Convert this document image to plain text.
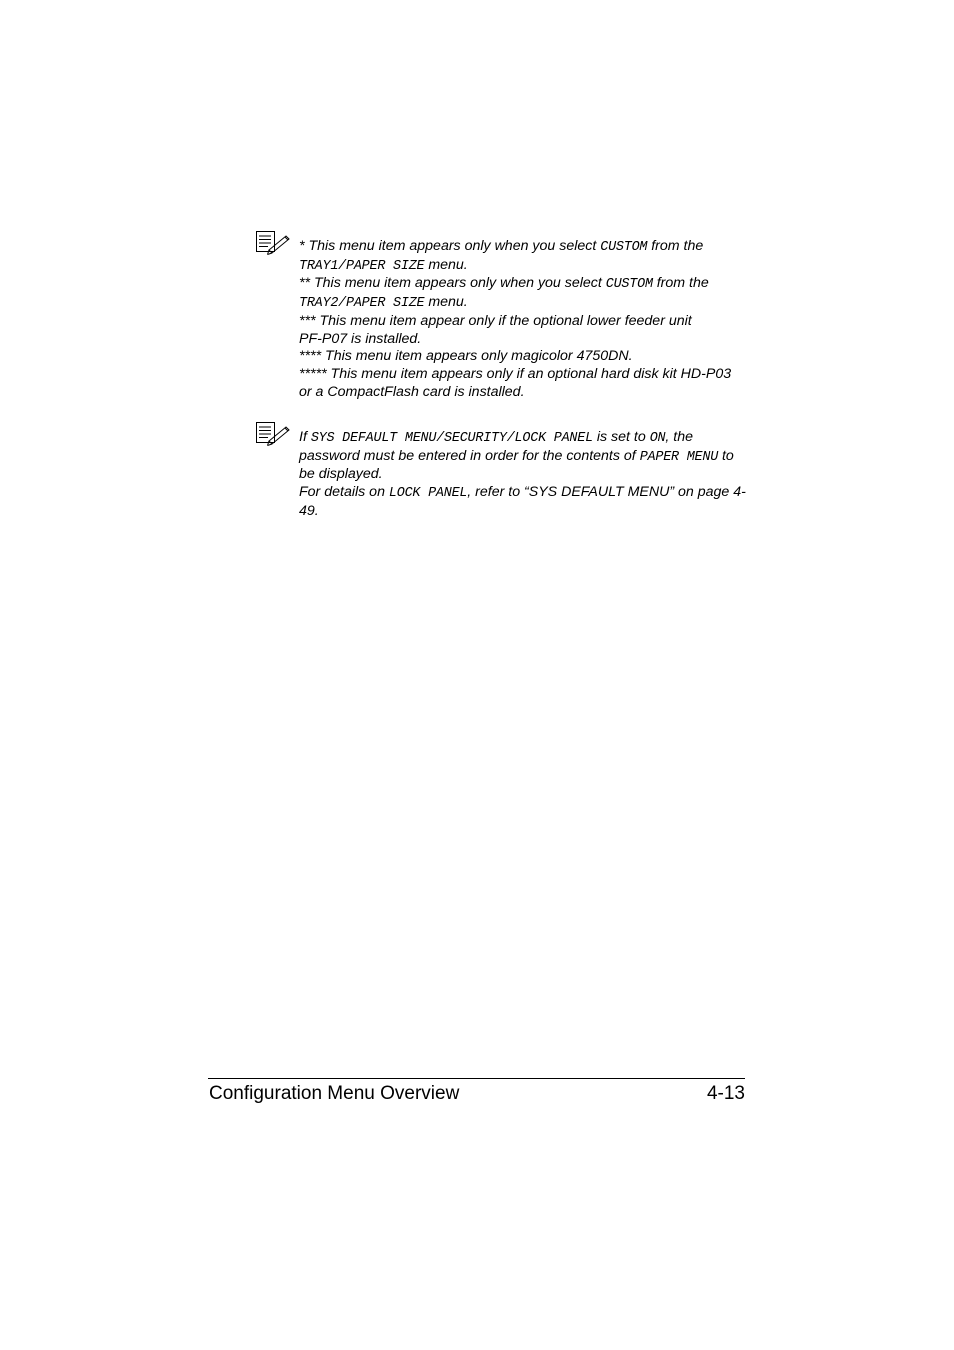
* This menu item appears only when you select CUSTOM from the

TRAY1/PAPER SIZE menu.

** This menu item appears only when you select CUSTOM from the

TRAY2/PAPER SIZE menu.

*** This menu item appear only if the optional lower feeder unit

PF-P07 is installed.

**** This menu item appears only magicolor 4750DN.

***** This menu item appears only if an optional hard disk kit HD-P03

or a CompactFlash card is installed.

If SYS DEFAULT MENU/SECURITY/LOCK PANEL is set to ON, the password must be entered in order for the contents of PAPER MENU to be displayed.

For details on LOCK PANEL, refer to “SYS DEFAULT MENU” on page 4-49.

Configuration Menu Overview	4-13
